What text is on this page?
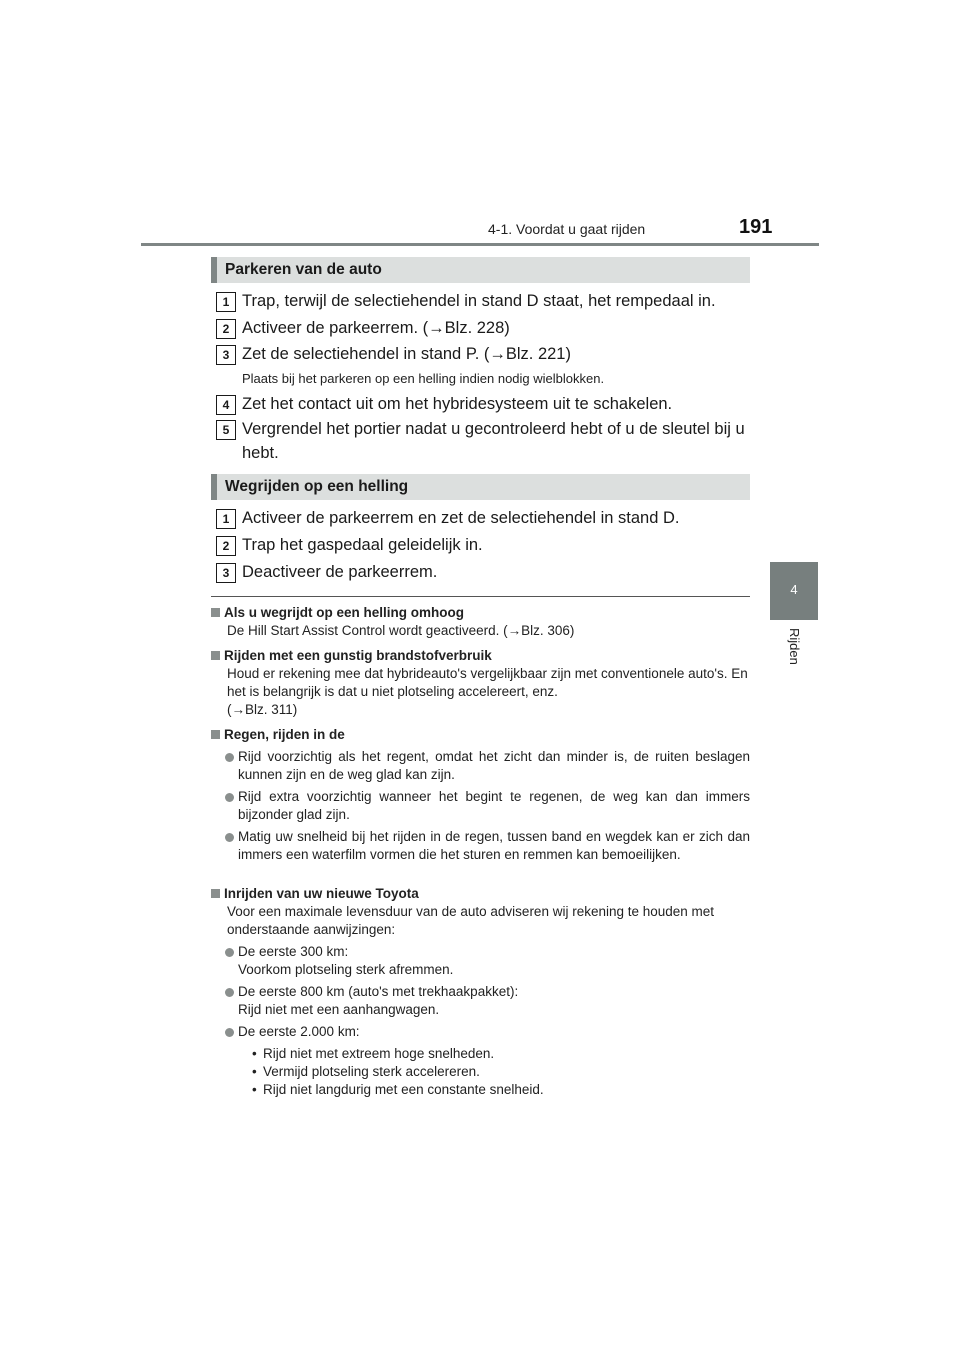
4-1. Voordat u gaat rijden	191
4
Rijden
Parkeren van de auto
1 Trap, terwijl de selectiehendel in stand D staat, het rempedaal in.
2 Activeer de parkeerrem. (→Blz. 228)
3 Zet de selectiehendel in stand P. (→Blz. 221)
Plaats bij het parkeren op een helling indien nodig wielblokken.
4 Zet het contact uit om het hybridesysteem uit te schakelen.
5 Vergrendel het portier nadat u gecontroleerd hebt of u de sleutel bij u hebt.
Wegrijden op een helling
1 Activeer de parkeerrem en zet de selectiehendel in stand D.
2 Trap het gaspedaal geleidelijk in.
3 Deactiveer de parkeerrem.
Als u wegrijdt op een helling omhoog
De Hill Start Assist Control wordt geactiveerd. (→Blz. 306)
Rijden met een gunstig brandstofverbruik
Houd er rekening mee dat hybrideauto's vergelijkbaar zijn met conventionele auto's. En het is belangrijk is dat u niet plotseling accelereert, enz.
(→Blz. 311)
Regen, rijden in de
Rijd voorzichtig als het regent, omdat het zicht dan minder is, de ruiten beslagen kunnen zijn en de weg glad kan zijn.
Rijd extra voorzichtig wanneer het begint te regenen, de weg kan dan immers bijzonder glad zijn.
Matig uw snelheid bij het rijden in de regen, tussen band en wegdek kan er zich dan immers een waterfilm vormen die het sturen en remmen kan bemoeilijken.
Inrijden van uw nieuwe Toyota
Voor een maximale levensduur van de auto adviseren wij rekening te houden met onderstaande aanwijzingen:
De eerste 300 km:
Voorkom plotseling sterk afremmen.
De eerste 800 km (auto's met trekhaakpakket):
Rijd niet met een aanhangwagen.
De eerste 2.000 km:
• Rijd niet met extreem hoge snelheden.
• Vermijd plotseling sterk accelereren.
• Rijd niet langdurig met een constante snelheid.
